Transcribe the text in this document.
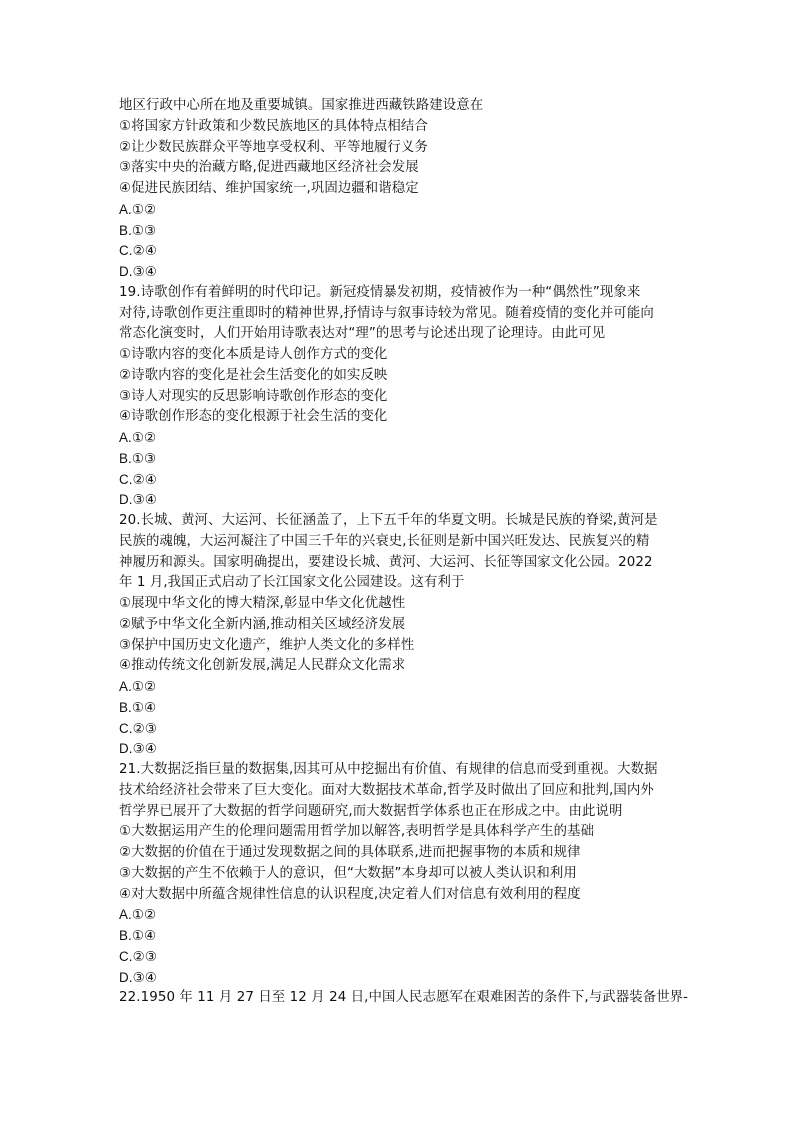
地区行政中心所在地及重要城镇。国家推进西藏铁路建设意在
①将国家方针政策和少数民族地区的具体特点相结合
②让少数民族群众平等地享受权利、平等地履行义务
③落实中央的治藏方略,促进西藏地区经济社会发展
④促进民族团结、维护国家统一,巩固边疆和谐稳定
A.①②
B.①③
C.②④
D.③④
19.诗歌创作有着鲜明的时代印记。新冠疫情暴发初期，疫情被作为一种“偶然性”现象来
对待,诗歌创作更注重即时的精神世界,抒情诗与叙事诗较为常见。随着疫情的变化并可能向
常态化演变时，人们开始用诗歌表达对“理”的思考与论述出现了论理诗。由此可见
①诗歌内容的变化本质是诗人创作方式的变化
②诗歌内容的变化是社会生活变化的如实反映
③诗人对现实的反思影响诗歌创作形态的变化
④诗歌创作形态的变化根源于社会生活的变化
A.①②
B.①③
C.②④
D.③④
20.长城、黄河、大运河、长征涵盖了，上下五千年的华夏文明。长城是民族的脊梁,黄河是
民族的魂魄，大运河凝注了中国三千年的兴衰史,长征则是新中国兴旺发达、民族复兴的精
神履历和源头。国家明确提出，要建设长城、黄河、大运河、长征等国家文化公园。2022
年 1 月,我国正式启动了长江国家文化公园建设。这有利于
①展现中华文化的博大精深,彰显中华文化优越性
②赋予中华文化全新内涵,推动相关区域经济发展
③保护中国历史文化遗产，维护人类文化的多样性
④推动传统文化创新发展,满足人民群众文化需求
A.①②
B.①④
C.②③
D.③④
21.大数据泛指巨量的数据集,因其可从中挖掘出有价值、有规律的信息而受到重视。大数据
技术给经济社会带来了巨大变化。面对大数据技术革命,哲学及时做出了回应和批判,国内外
哲学界已展开了大数据的哲学问题研究,而大数据哲学体系也正在形成之中。由此说明
①大数据运用产生的伦理问题需用哲学加以解答,表明哲学是具体科学产生的基础
②大数据的价值在于通过发现数据之间的具体联系,进而把握事物的本质和规律
③大数据的产生不依赖于人的意识，但“大数据”本身却可以被人类认识和利用
④对大数据中所蕴含规律性信息的认识程度,决定着人们对信息有效利用的程度
A.①②
B.①④
C.②③
D.③④
22.1950 年 11 月 27 日至 12 月 24 日,中国人民志愿军在艰难困苦的条件下,与武器装备世界-
